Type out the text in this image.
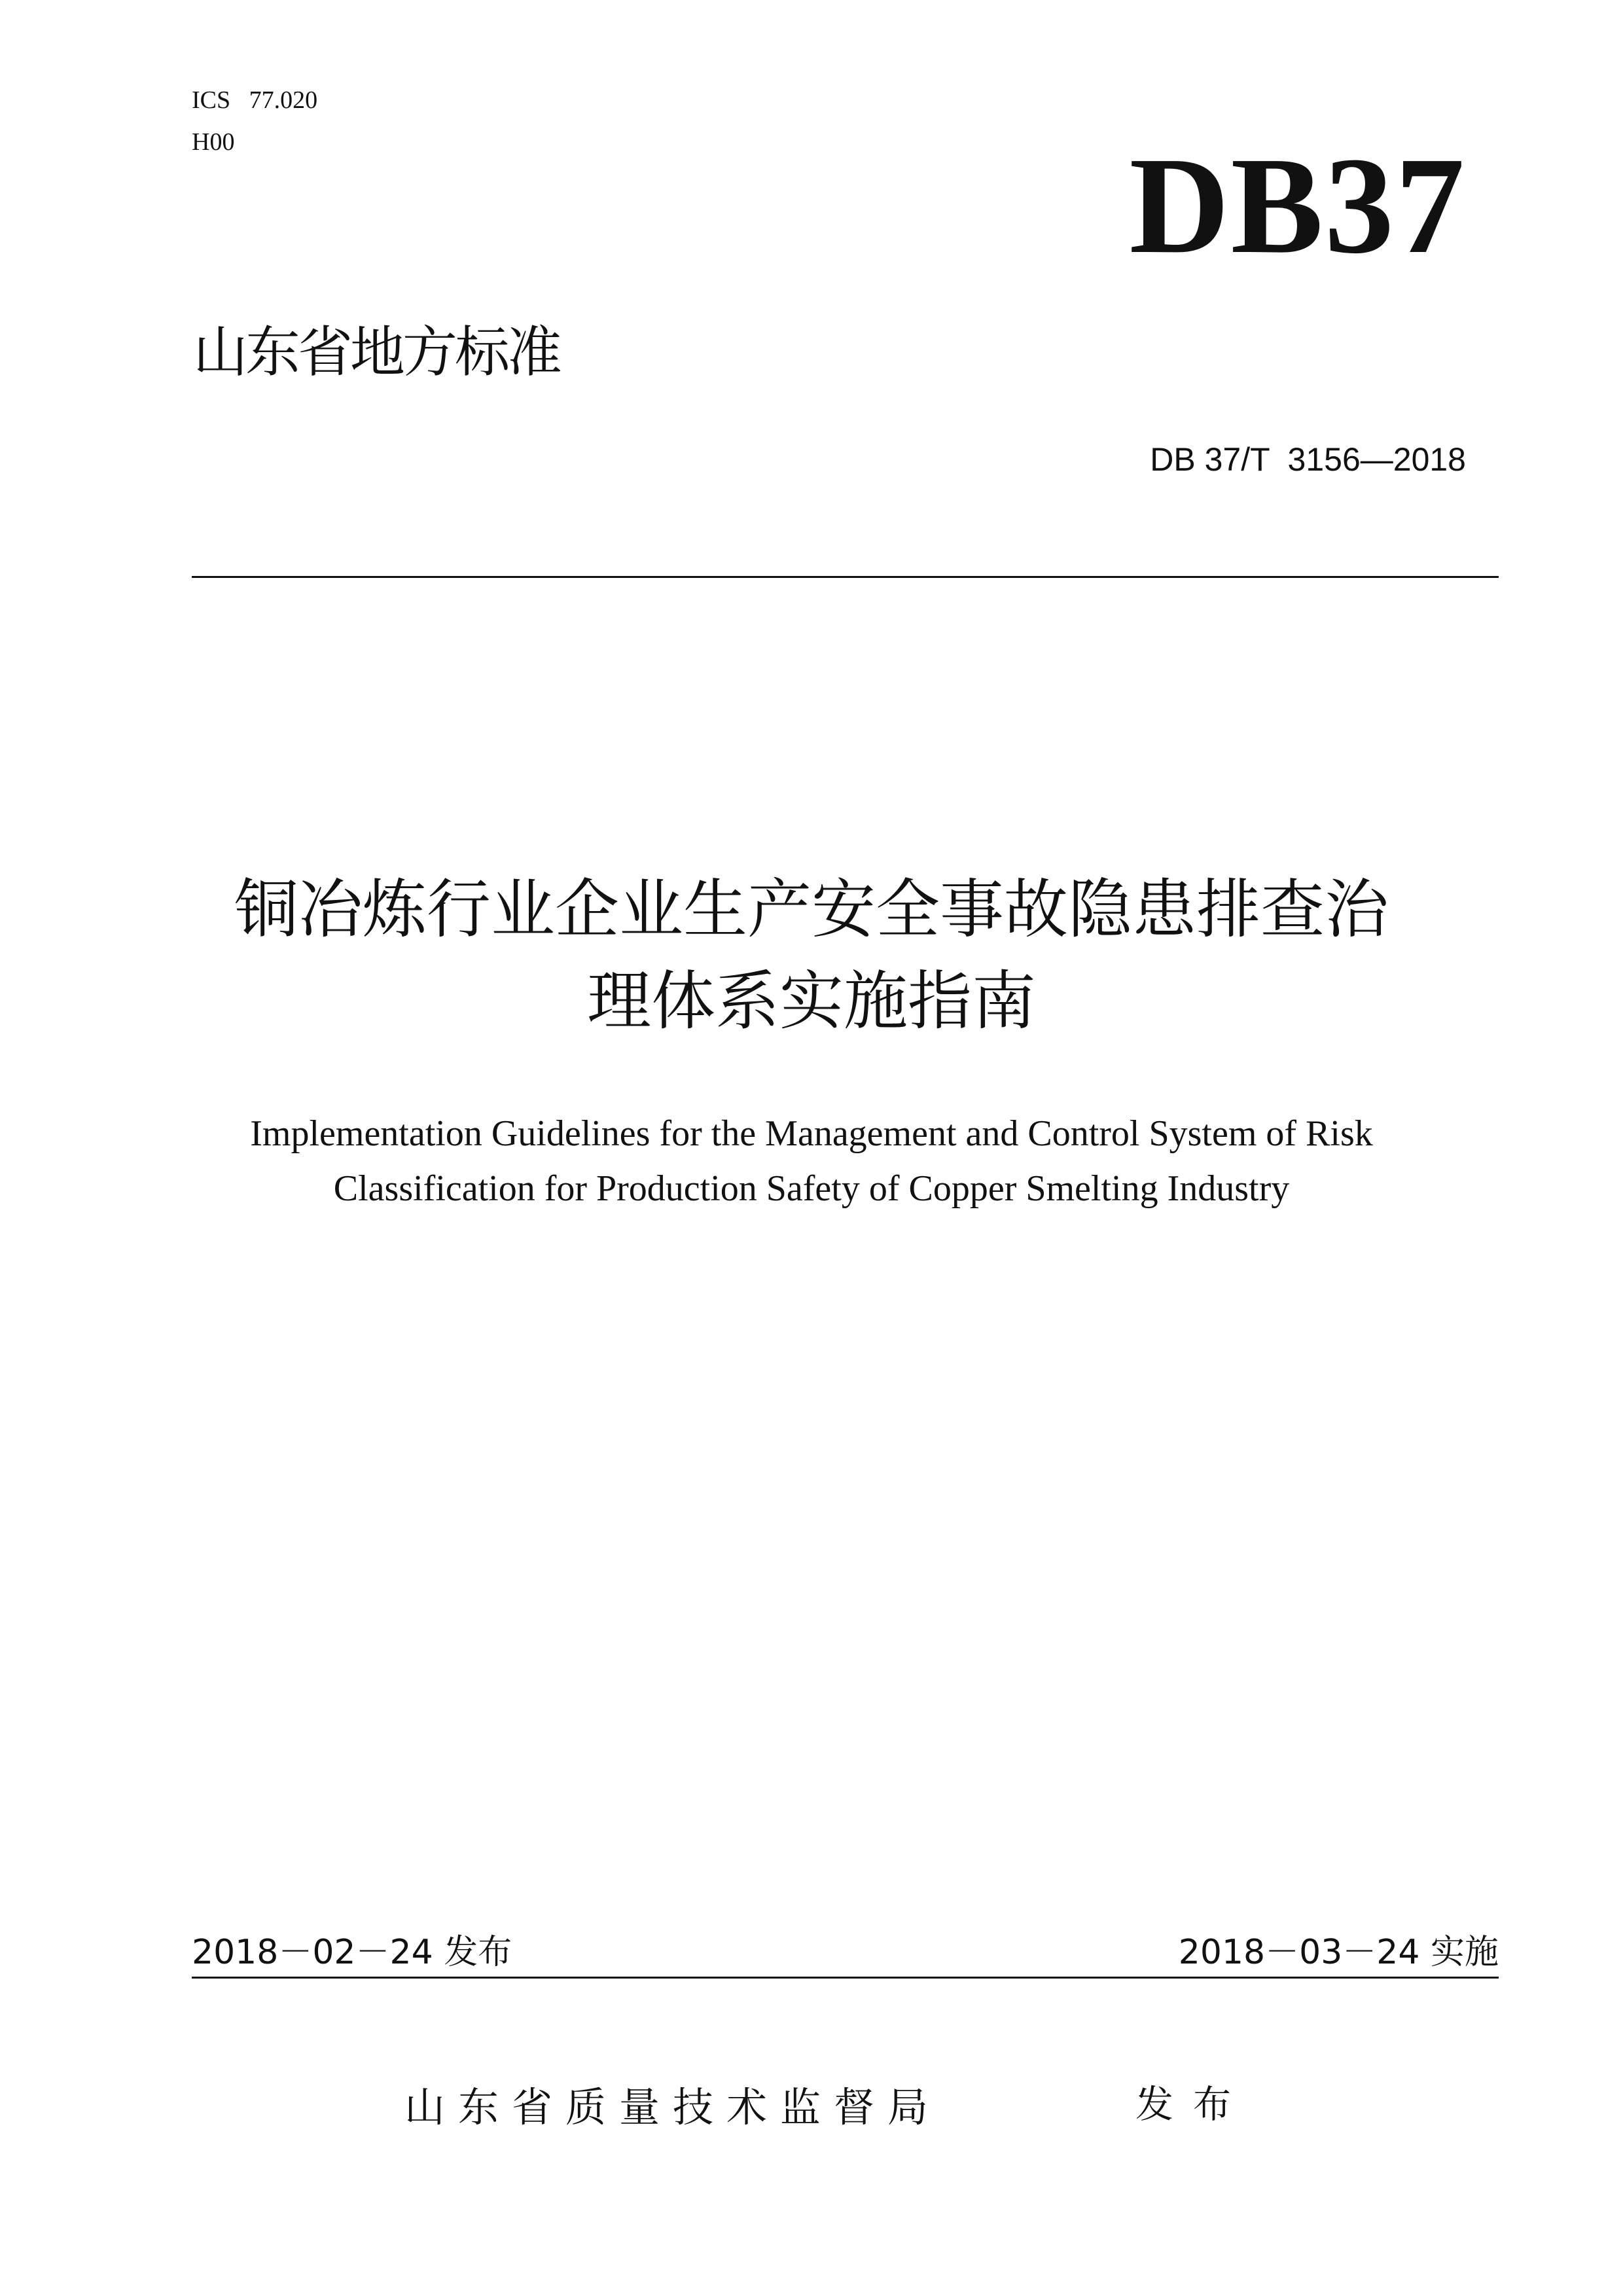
ICS   77.020
H00	DB37
山东省地方标准
DB 37/T  3156—2018
铜冶炼行业企业生产安全事故隐患排查治
理体系实施指南
Implementation Guidelines for the Management and Control System of Risk
Classification for Production Safety of Copper Smelting Industry
2018－02－24 发布	2018－03－24 实施
山东省质量技术监督局	发布
